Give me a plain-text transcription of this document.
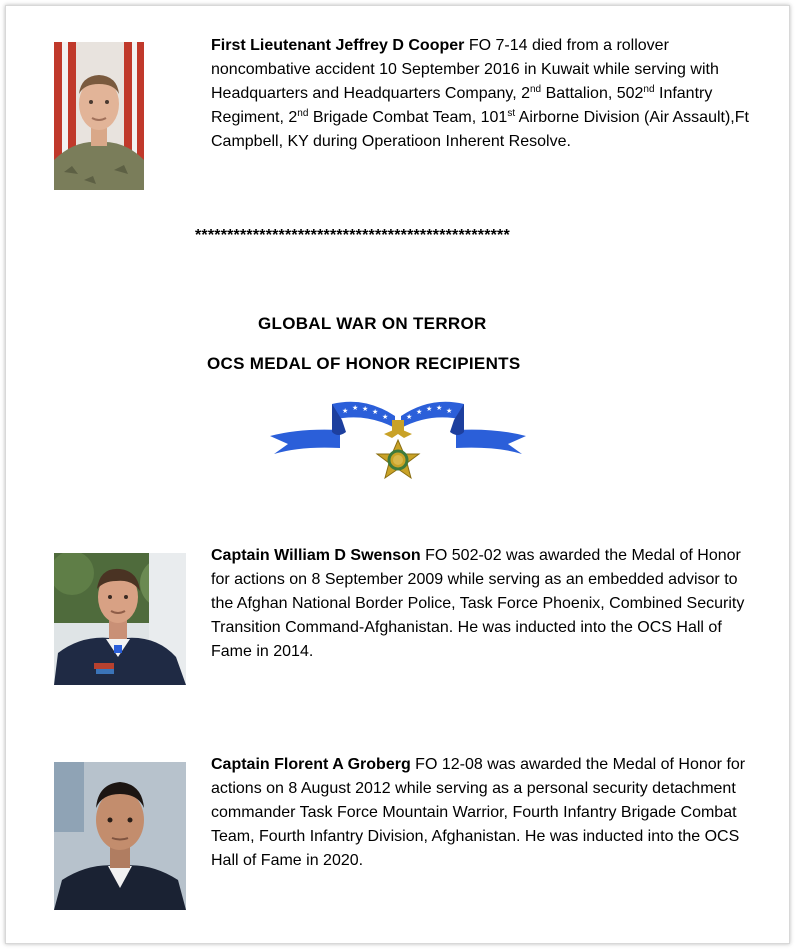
First Lieutenant Jeffrey D Cooper FO 7-14 died from a rollover noncombative accident 10 September 2016 in Kuwait while serving with Headquarters and Headquarters Company, 2nd Battalion, 502nd Infantry Regiment, 2nd Brigade Combat Team, 101st Airborne Division (Air Assault),Ft Campbell, KY during Operatioon Inherent Resolve.
*************************************************
GLOBAL WAR ON TERROR
OCS MEDAL OF HONOR RECIPIENTS
★ ★ ★ ★
★	★
★ ★ ★ ★
Captain William D Swenson FO 502-02 was awarded the Medal of Honor for actions on 8 September 2009 while serving as an embedded advisor to the Afghan National Border Police, Task Force Phoenix, Combined Security Transition Command-Afghanistan. He was inducted into the OCS Hall of Fame in 2014.
Captain Florent A Groberg FO 12-08 was awarded the Medal of Honor for actions on 8 August 2012 while serving as a personal security detachment commander Task Force Mountain Warrior, Fourth Infantry Brigade Combat Team, Fourth Infantry Division, Afghanistan. He was inducted into the OCS Hall of Fame in 2020.
